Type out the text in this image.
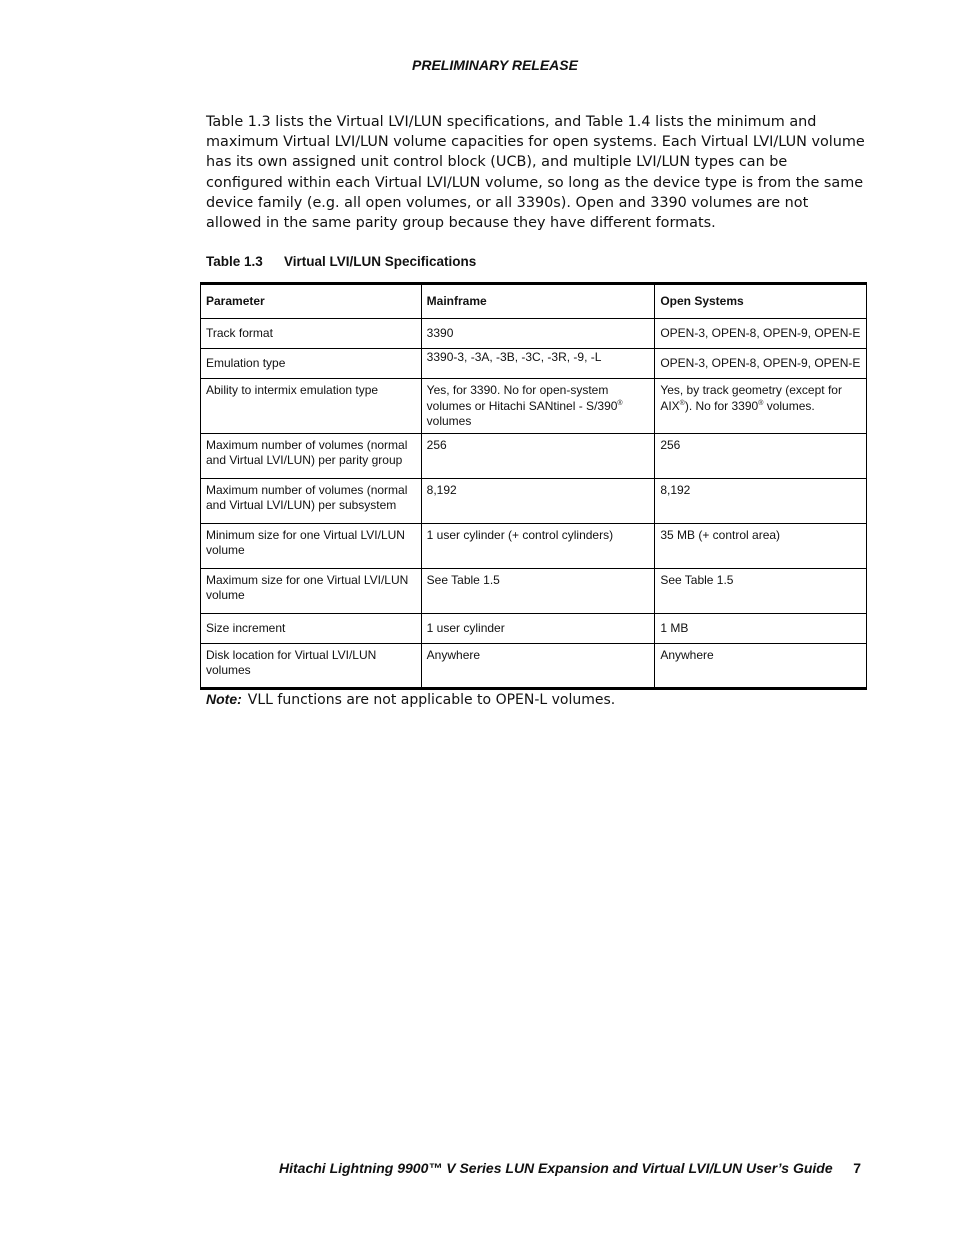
PRELIMINARY RELEASE

Table 1.3 lists the Virtual LVI/LUN specifications, and Table 1.4 lists the minimum and maximum Virtual LVI/LUN volume capacities for open systems. Each Virtual LVI/LUN volume has its own assigned unit control block (UCB), and multiple LVI/LUN types can be configured within each Virtual LVI/LUN volume, so long as the device type is from the same device family (e.g. all open volumes, or all 3390s). Open and 3390 volumes are not allowed in the same parity group because they have different formats.

Table 1.3 Virtual LVI/LUN Specifications
Parameter	Mainframe	Open Systems
Track format	3390	OPEN-3, OPEN-8, OPEN-9, OPEN-E
Emulation type	3390-3, -3A, -3B, -3C, -3R, -9, -L	OPEN-3, OPEN-8, OPEN-9, OPEN-E
Ability to intermix emulation type	Yes, for 3390. No for open-system volumes or Hitachi SANtinel - S/390® volumes	Yes, by track geometry (except for AIX®). No for 3390® volumes.
Maximum number of volumes (normal and Virtual LVI/LUN) per parity group	256	256
Maximum number of volumes (normal and Virtual LVI/LUN) per subsystem	8,192	8,192
Minimum size for one Virtual LVI/LUN volume	1 user cylinder (+ control cylinders)	35 MB (+ control area)
Maximum size for one Virtual LVI/LUN volume	See Table 1.5	See Table 1.5
Size increment	1 user cylinder	1 MB
Disk location for Virtual LVI/LUN volumes	Anywhere	Anywhere
Note: VLL functions are not applicable to OPEN-L volumes.
Hitachi Lightning 9900™ V Series LUN Expansion and Virtual LVI/LUN User’s Guide 7
